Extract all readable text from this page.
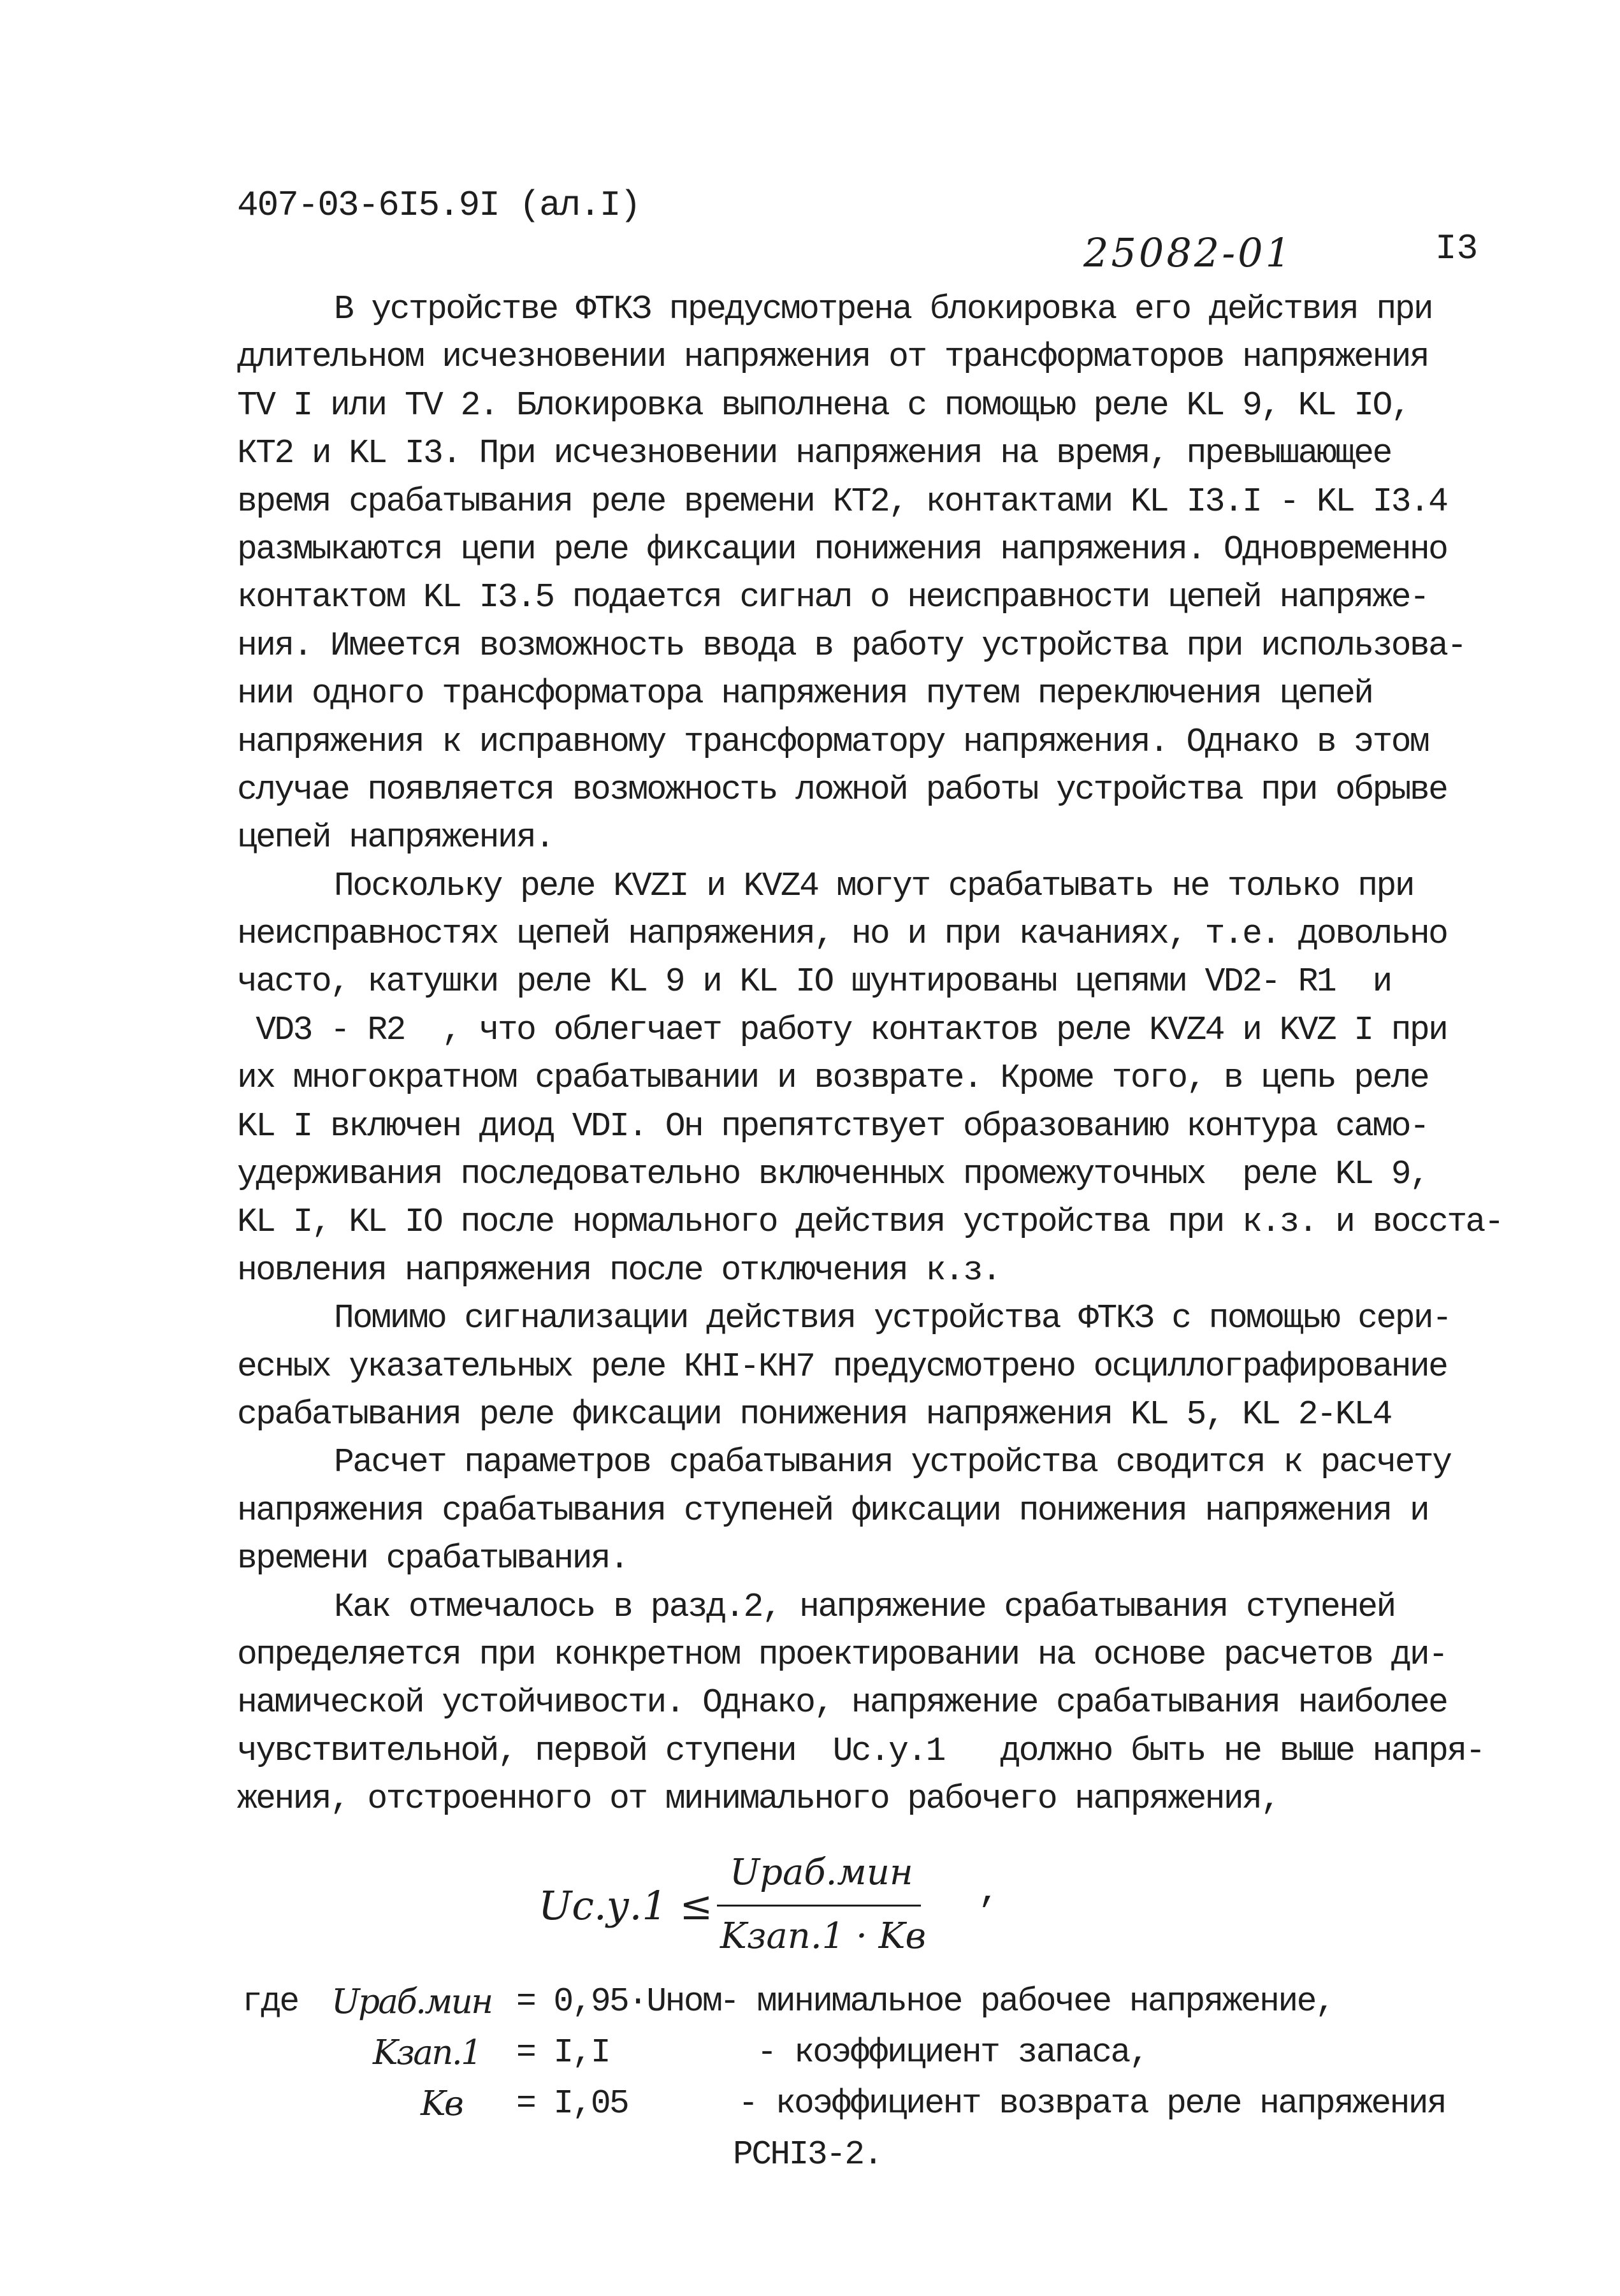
407-03-6I5.9I (ал.I)
25082-01	I3
В устройстве ФТКЗ предусмотрена блокировка его действия при
длительном исчезновении напряжения от трансформаторов напряжения
TV I или TV 2. Блокировка выполнена с помощью реле KL 9, KL IO,
КТ2 и KL I3. При исчезновении напряжения на время, превышающее
время срабатывания реле времени КТ2, контактами KL I3.I - KL I3.4
размыкаются цепи реле фиксации понижения напряжения. Одновременно
контактом KL I3.5 подается сигнал о неисправности цепей напряже-
ния. Имеется возможность ввода в работу устройства при использова-
нии одного трансформатора напряжения путем переключения цепей
напряжения к исправному трансформатору напряжения. Однако в этом
случае появляется возможность ложной работы устройства при обрыве
цепей напряжения.
Поскольку реле KVZI и KVZ4 могут срабатывать не только при
неисправностях цепей напряжения, но и при качаниях, т.е. довольно
часто, катушки реле KL 9 и KL IO шунтированы цепями VD2- R1  и
VD3 - R2  , что облегчает работу контактов реле KVZ4 и KVZ I при
их многократном срабатывании и возврате. Кроме того, в цепь реле
KL I включен диод VDI. Он препятствует образованию контура само-
удерживания последовательно включенных промежуточных  реле KL 9,
KL I, KL IO после нормального действия устройства при к.з. и восста-
новления напряжения после отключения к.з.
Помимо сигнализации действия устройства ФТКЗ с помощью сери-
есных указательных реле КНI-КН7 предусмотрено осциллографирование
срабатывания реле фиксации понижения напряжения KL 5, KL 2-KL4
Расчет параметров срабатывания устройства сводится к расчету
напряжения срабатывания ступеней фиксации понижения напряжения и
времени срабатывания.
Как отмечалось в разд.2, напряжение срабатывания ступеней
определяется при конкретном проектировании на основе расчетов ди-
намической устойчивости. Однако, напряжение срабатывания наиболее
чувствительной, первой ступени  Uс.у.1   должно быть не выше напря-
жения, отстроенного от минимального рабочего напряжения,
Uс.у.1 ≤
Uраб.мин
Kзап.1 · Kв
,
где Uраб.мин = 0,95·Uном
- минимальное рабочее напряжение,
Kзап.1 = I,I	- коэффициент запаса,
Kв = I,05 - коэффициент возврата реле напряжения
РСНI3-2.
